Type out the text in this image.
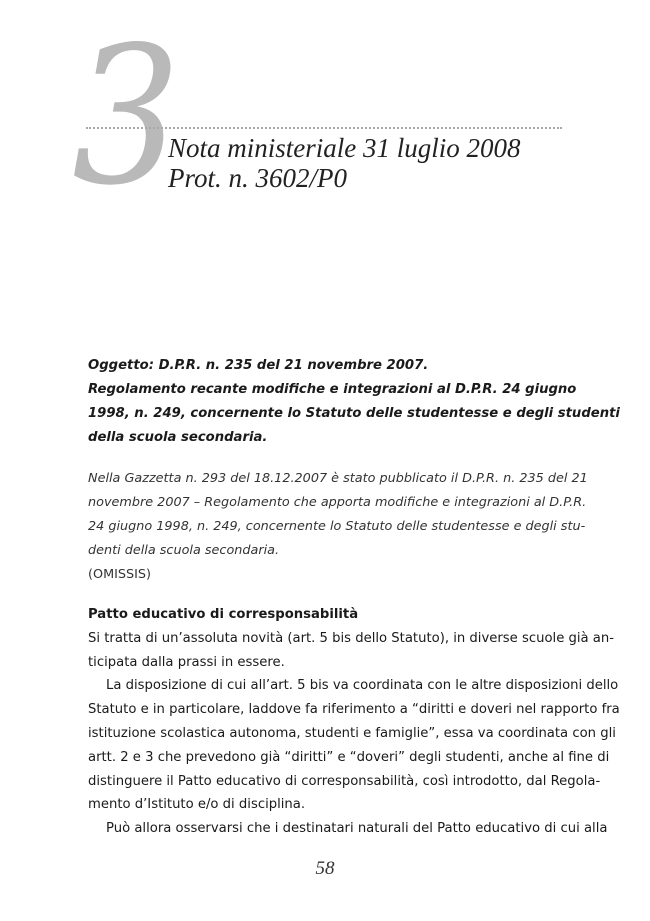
3
Nota ministeriale 31 luglio 2008
Prot. n. 3602/P0
Oggetto: D.P.R. n. 235 del 21 novembre 2007.
Regolamento recante modifiche e integrazioni al D.P.R. 24 giugno
1998, n. 249, concernente lo Statuto delle studentesse e degli studenti
della scuola secondaria.
Nella Gazzetta n. 293 del 18.12.2007 è stato pubblicato il D.P.R. n. 235 del 21
novembre 2007 – Regolamento che apporta modifiche e integrazioni al D.P.R.
24 giugno 1998, n. 249, concernente lo Statuto delle studentesse e degli stu-
denti della scuola secondaria.
(OMISSIS)
Patto educativo di corresponsabilità
Si tratta di un’assoluta novità (art. 5 bis dello Statuto), in diverse scuole già an-
ticipata dalla prassi in essere.
La disposizione di cui all’art. 5 bis va coordinata con le altre disposizioni dello
Statuto e in particolare, laddove fa riferimento a “diritti e doveri nel rapporto fra
istituzione scolastica autonoma, studenti e famiglie”, essa va coordinata con gli
artt. 2 e 3 che prevedono già “diritti” e “doveri” degli studenti, anche al fine di
distinguere il Patto educativo di corresponsabilità, così introdotto, dal Regola-
mento d’Istituto e/o di disciplina.
Può allora osservarsi che i destinatari naturali del Patto educativo di cui alla
58
